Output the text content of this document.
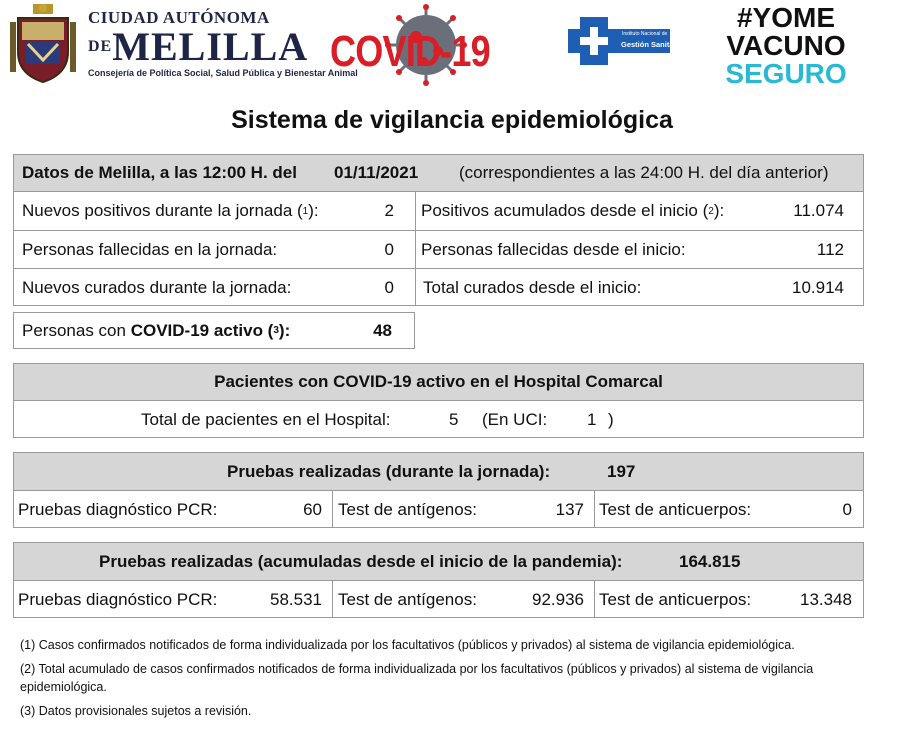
CIUDAD AUTÓNOMA
$^{DE}$MELILLA
Consejería de Política Social, Salud Pública y Bienestar Animal
COVID-19	Instituto Nacional de
Gestión Sanitaria
#YOME
VACUNO
SEGURO
Sistema de vigilancia epidemiológica
Datos de Melilla, a las 12:00 H. del 01/11/2021 (correspondientes a las 24:00 H. del día anterior)
Nuevos positivos durante la jornada ( 1 ):	2 Positivos acumulados desde el inicio ( 2 ):	11.074
Personas fallecidas en la jornada:	0 Personas fallecidas desde el inicio:	112
Nuevos curados durante la jornada:	0 Total curados desde el inicio:	10.914
Personas con
COVID-19 activo ( 3 ):	48
Pacientes con COVID-19 activo en el Hospital Comarcal
Total de pacientes en el Hospital:	5 (En UCI: 1 )
Pruebas realizadas (durante la jornada):	197
Pruebas diagnóstico PCR:	60 Test de antígenos:	137 Test de anticuerpos:	0
Pruebas realizadas (acumuladas desde el inicio de la pandemia):	164.815
Pruebas diagnóstico PCR:	58.531 Test de antígenos:	92.936 Test de anticuerpos:	13.348

(1) Casos confirmados notificados de forma individualizada por los facultativos (públicos y privados) al sistema de vigilancia epidemiológica.

(2) Total acumulado de casos confirmados notificados de forma individualizada por los facultativos (públicos y privados) al sistema de vigilancia epidemiológica.

(3) Datos provisionales sujetos a revisión.
